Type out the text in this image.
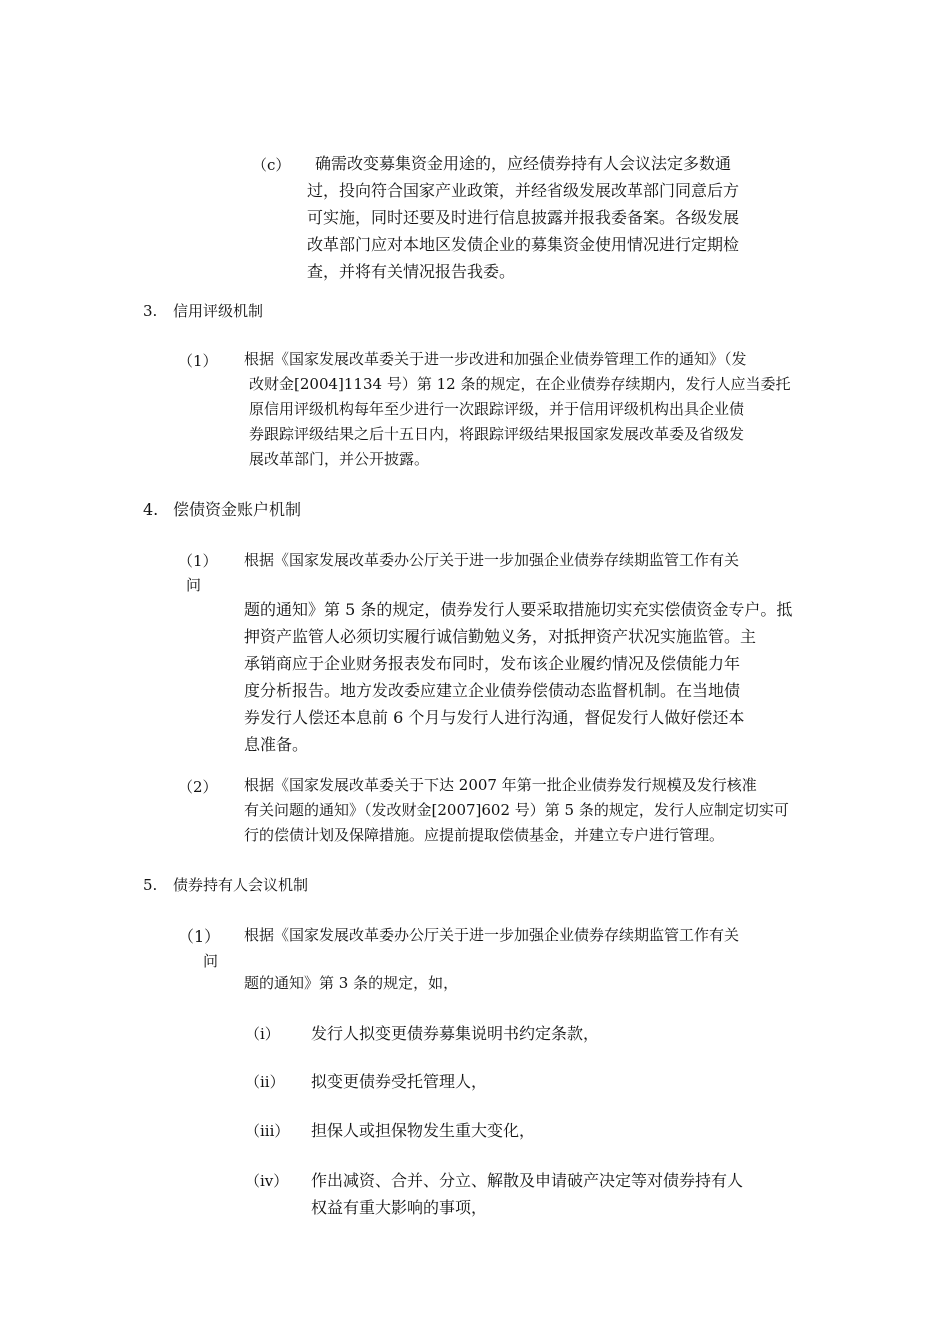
（c）	确需改变募集资金用途的，应经债券持有人会议法定多数通
过，投向符合国家产业政策，并经省级发展改革部门同意后方
可实施，同时还要及时进行信息披露并报我委备案。各级发展
改革部门应对本地区发债企业的募集资金使用情况进行定期检
查，并将有关情况报告我委。
3. 信用评级机制
（1） 根据《国家发展改革委关于进一步改进和加强企业债券管理工作的通知》（发
改财金[2004]1134 号）第 12 条的规定，在企业债券存续期内，发行人应当委托
原信用评级机构每年至少进行一次跟踪评级，并于信用评级机构出具企业债
券跟踪评级结果之后十五日内，将跟踪评级结果报国家发展改革委及省级发
展改革部门，并公开披露。
4. 偿债资金账户机制
（1）
问
根据《国家发展改革委办公厅关于进一步加强企业债券存续期监管工作有关
题的通知》第 5 条的规定，债券发行人要采取措施切实充实偿债资金专户。抵
押资产监管人必须切实履行诚信勤勉义务，对抵押资产状况实施监管。主
承销商应于企业财务报表发布同时，发布该企业履约情况及偿债能力年
度分析报告。地方发改委应建立企业债券偿债动态监督机制。在当地债
券发行人偿还本息前 6 个月与发行人进行沟通，督促发行人做好偿还本
息准备。
（2） 根据《国家发展改革委关于下达 2007 年第一批企业债券发行规模及发行核准
有关问题的通知》（发改财金[2007]602 号）第 5 条的规定，发行人应制定切实可
行的偿债计划及保障措施。应提前提取偿债基金，并建立专户进行管理。
5. 债券持有人会议机制
（1）
问
根据《国家发展改革委办公厅关于进一步加强企业债券存续期监管工作有关
题的通知》第 3 条的规定，如，
（i） 发行人拟变更债券募集说明书约定条款，
（ii） 拟变更债券受托管理人，
（iii） 担保人或担保物发生重大变化，
（iv） 作出减资、合并、分立、解散及申请破产决定等对债券持有人
权益有重大影响的事项，
